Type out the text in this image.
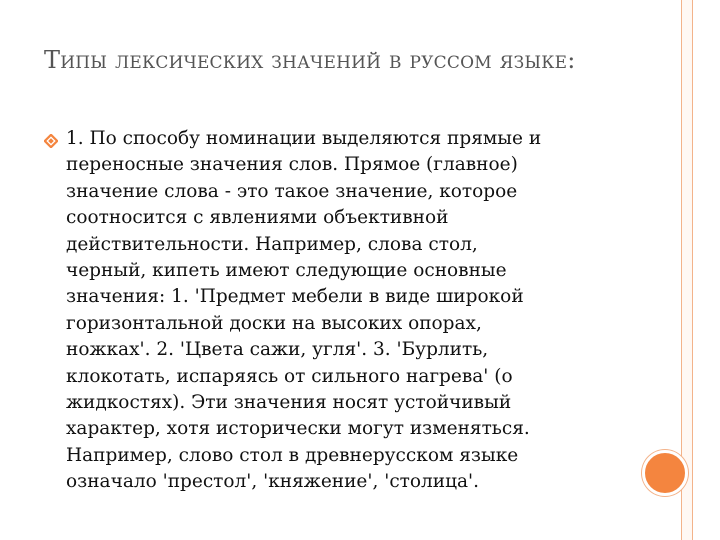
Типы лексических значений в руссом языке:

1. По способу номинации выделяются прямые и
переносные значения слов. Прямое (главное)
значение слова - это такое значение, которое
соотносится с явлениями объективной
действительности. Например, слова стол,
черный, кипеть имеют следующие основные
значения: 1. 'Предмет мебели в виде широкой
горизонтальной доски на высоких опорах,
ножках'. 2. 'Цвета сажи, угля'. 3. 'Бурлить,
клокотать, испаряясь от сильного нагрева' (о
жидкостях). Эти значения носят устойчивый
характер, хотя исторически могут изменяться.
Например, слово стол в древнерусском языке
означало 'престол', 'княжение', 'столица'.
